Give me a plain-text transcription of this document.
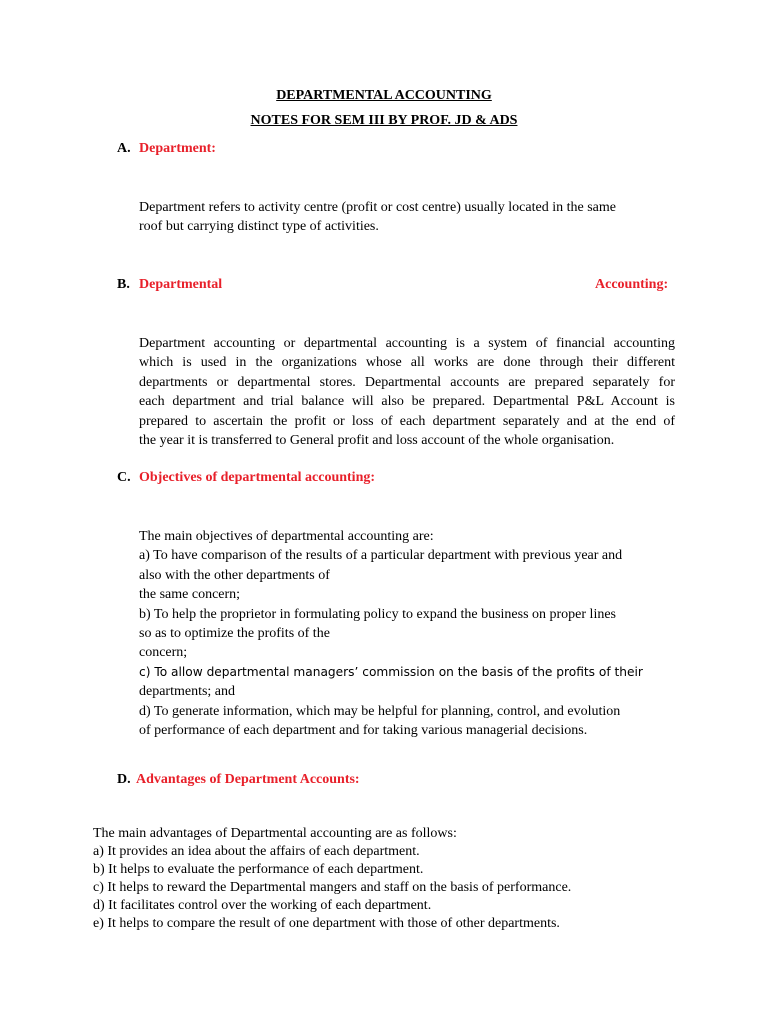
DEPARTMENTAL ACCOUNTING

NOTES FOR SEM III BY PROF. JD & ADS

A. Department:

Department refers to activity centre (profit or cost centre) usually located in the same
roof but carrying distinct type of activities.

B. Departmental	Accounting:

Department accounting or departmental accounting is a system of financial accounting
which is used in the organizations whose all works are done through their different
departments or departmental stores. Departmental accounts are prepared separately for
each department and trial balance will also be prepared. Departmental P&L Account is
prepared to ascertain the profit or loss of each department separately and at the end of
the year it is transferred to General profit and loss account of the whole organisation.

C. Objectives of departmental accounting:

The main objectives of departmental accounting are:
a) To have comparison of the results of a particular department with previous year and
also with the other departments of
the same concern;
b) To help the proprietor in formulating policy to expand the business on proper lines
so as to optimize the profits of the
concern;
c) To allow departmental managers’ commission on the basis of the profits of their
departments; and
d) To generate information, which may be helpful for planning, control, and evolution
of performance of each department and for taking various managerial decisions.

D. Advantages of Department Accounts:

The main advantages of Departmental accounting are as follows:
a) It provides an idea about the affairs of each department.
b) It helps to evaluate the performance of each department.
c) It helps to reward the Departmental mangers and staff on the basis of performance.
d) It facilitates control over the working of each department.
e) It helps to compare the result of one department with those of other departments.
